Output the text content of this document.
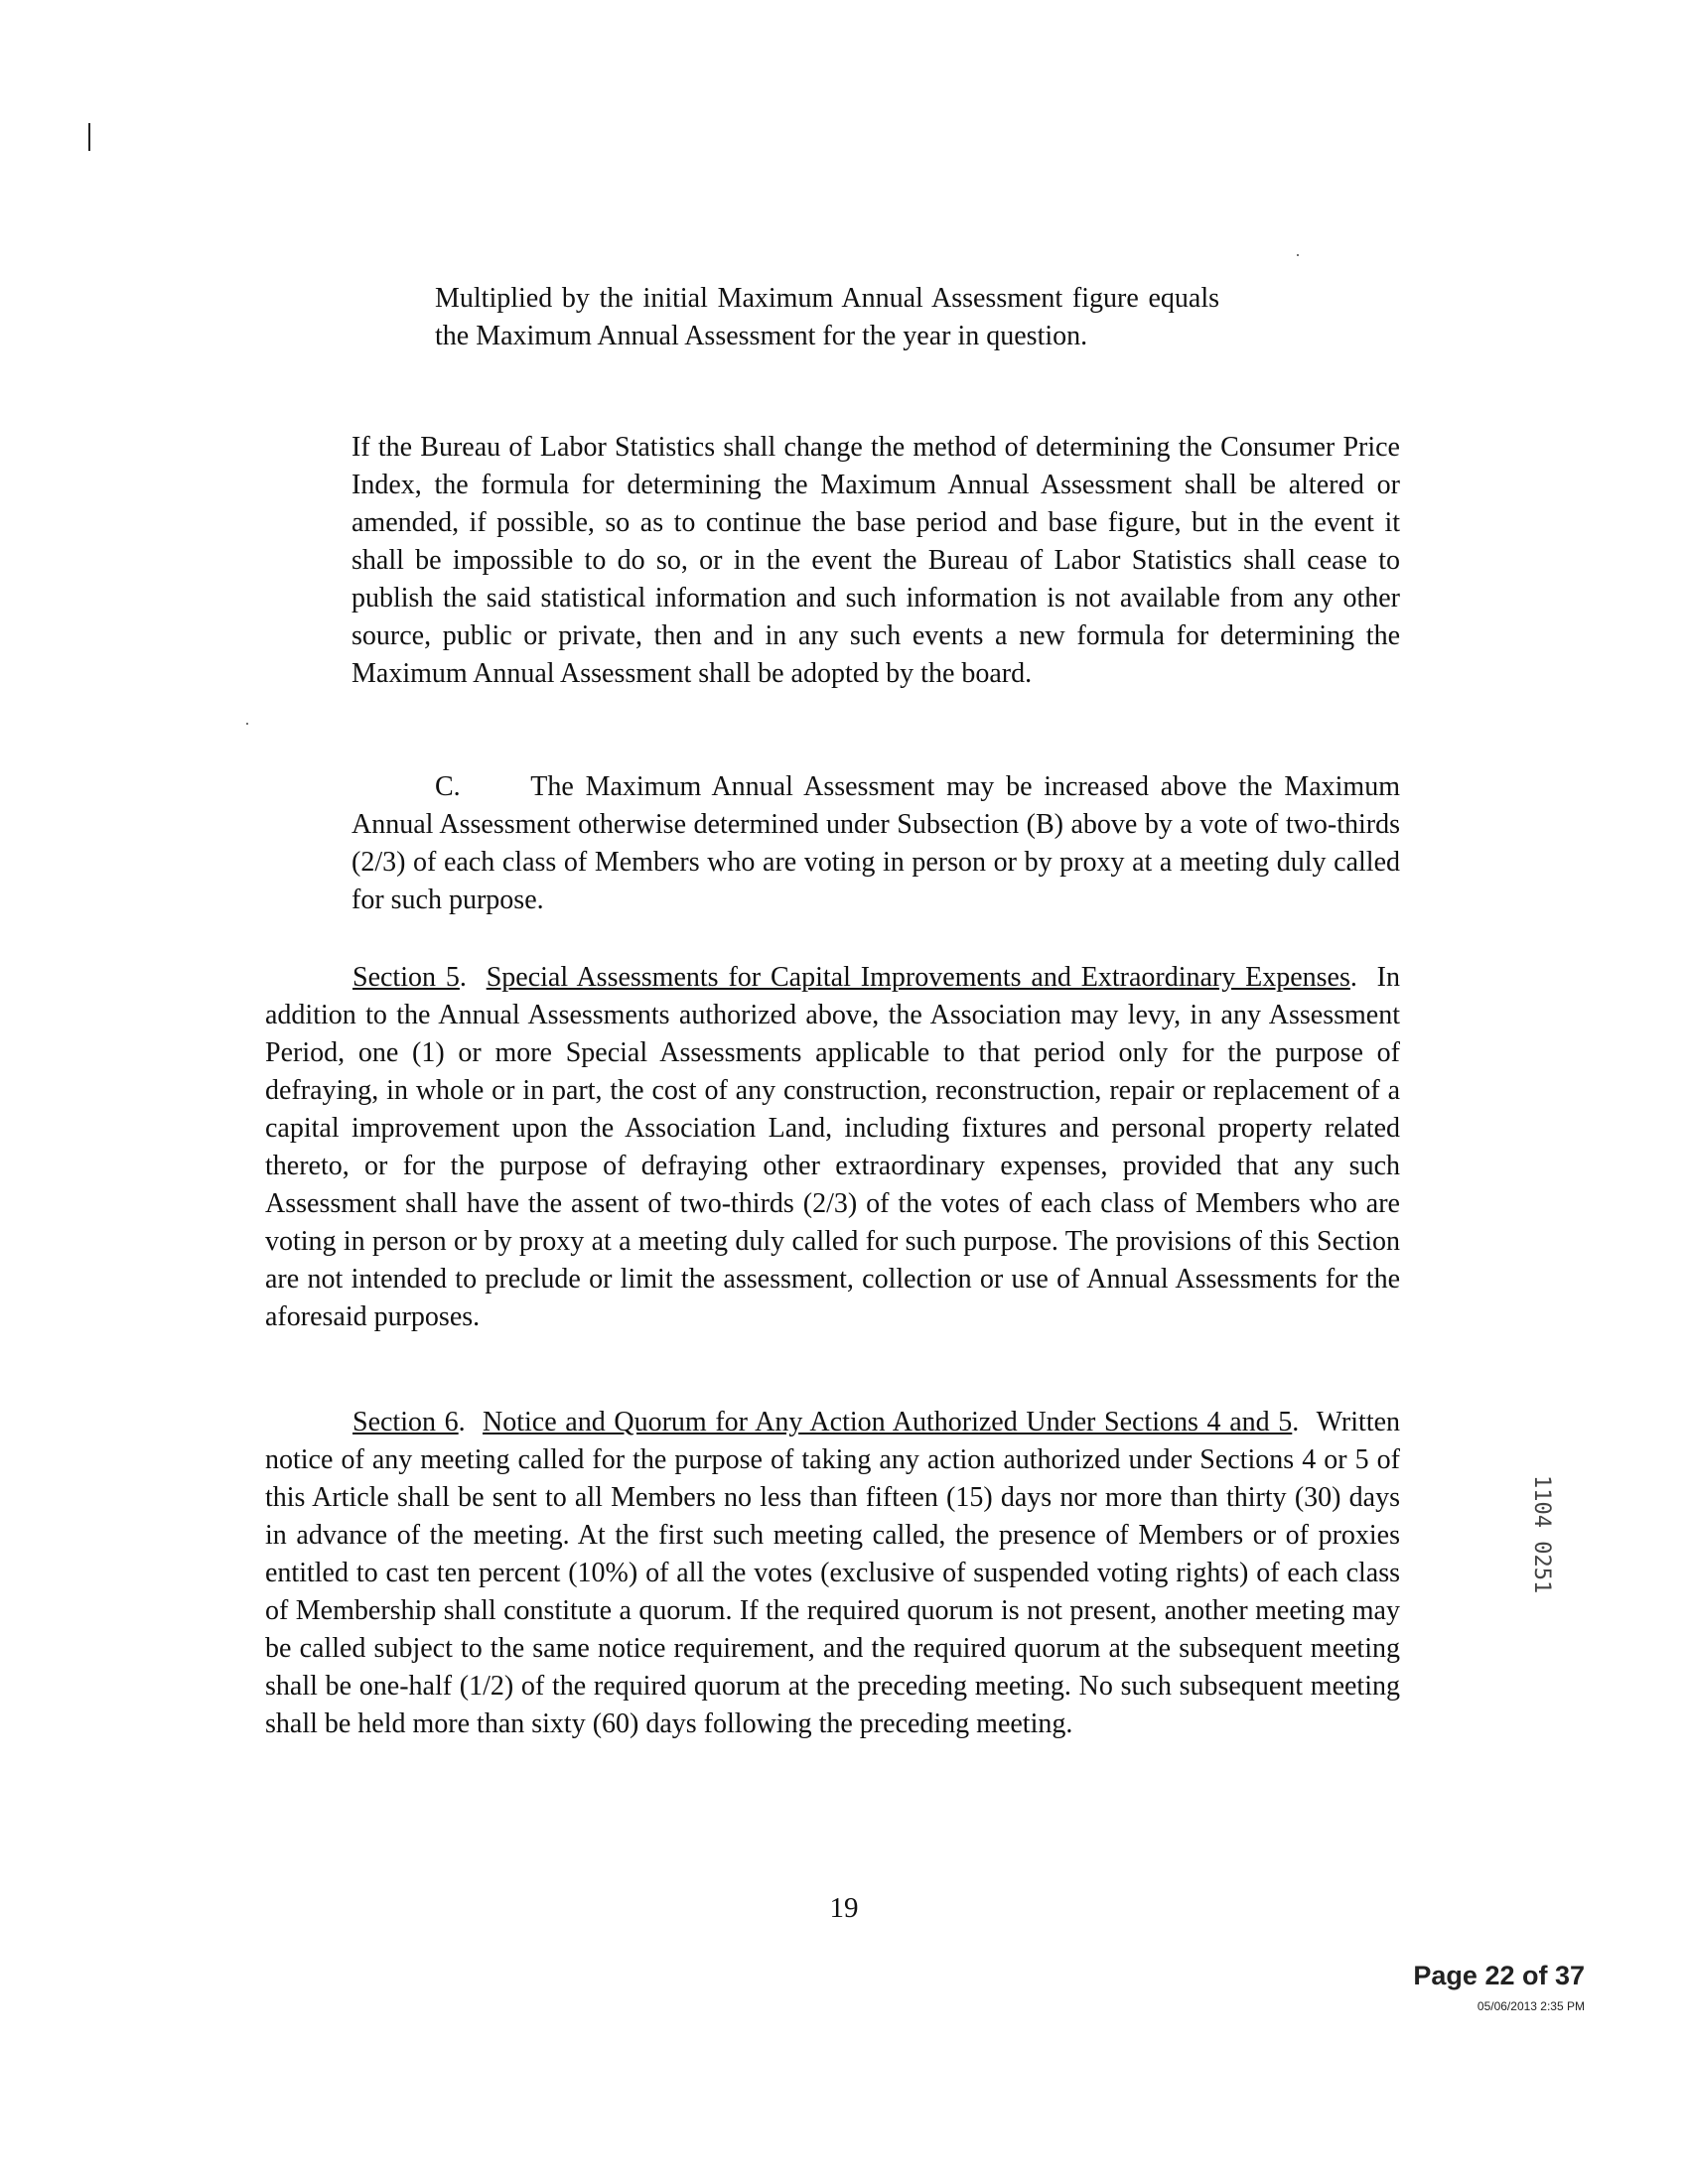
Multiplied by the initial Maximum Annual Assessment figure equals the Maximum Annual Assessment for the year in question.

If the Bureau of Labor Statistics shall change the method of determining the Consumer Price Index, the formula for determining the Maximum Annual Assessment shall be altered or amended, if possible, so as to continue the base period and base figure, but in the event it shall be impossible to do so, or in the event the Bureau of Labor Statistics shall cease to publish the said statistical information and such information is not available from any other source, public or private, then and in any such events a new formula for determining the Maximum Annual Assessment shall be adopted by the board.

C.	The Maximum Annual Assessment may be increased above the Maximum Annual Assessment otherwise determined under Subsection (B) above by a vote of two-thirds (2/3) of each class of Members who are voting in person or by proxy at a meeting duly called for such purpose.

Section 5.  Special Assessments for Capital Improvements and Extraordinary Expenses.  In addition to the Annual Assessments authorized above, the Association may levy, in any Assessment Period, one (1) or more Special Assessments applicable to that period only for the purpose of defraying, in whole or in part, the cost of any construction, reconstruction, repair or replacement of a capital improvement upon the Association Land, including fixtures and personal property related thereto, or for the purpose of defraying other extraordinary expenses, provided that any such Assessment shall have the assent of two-thirds (2/3) of the votes of each class of Members who are voting in person or by proxy at a meeting duly called for such purpose. The provisions of this Section are not intended to preclude or limit the assessment, collection or use of Annual Assessments for the aforesaid purposes.

Section 6.  Notice and Quorum for Any Action Authorized Under Sections 4 and 5.  Written notice of any meeting called for the purpose of taking any action authorized under Sections 4 or 5 of this Article shall be sent to all Members no less than fifteen (15) days nor more than thirty (30) days in advance of the meeting. At the first such meeting called, the presence of Members or of proxies entitled to cast ten percent (10%) of all the votes (exclusive of suspended voting rights) of each class of Membership shall constitute a quorum. If the required quorum is not present, another meeting may be called subject to the same notice requirement, and the required quorum at the subsequent meeting shall be one-half (1/2) of the required quorum at the preceding meeting. No such subsequent meeting shall be held more than sixty (60) days following the preceding meeting.

1104 0251
19
Page 22 of 37
05/06/2013 2:35 PM
